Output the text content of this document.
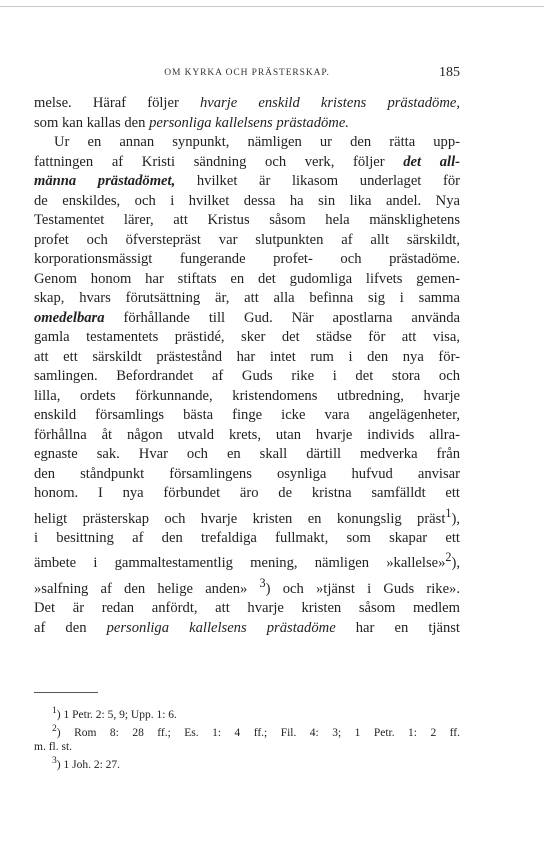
OM KYRKA OCH PRÄSTERSKAP.	185
melse. Häraf följer hvarje enskild kristens prästadöme,
som kan kallas den personliga kallelsens prästadöme.
Ur en annan synpunkt, nämligen ur den rätta upp-
fattningen af Kristi sändning och verk, följer det all-
männa prästadömet, hvilket är likasom underlaget för
de enskildes, och i hvilket dessa ha sin lika andel. Nya
Testamentet lärer, att Kristus såsom hela mänsklighetens
profet och öfverstepräst var slutpunkten af allt särskildt,
korporationsmässigt fungerande profet- och prästadöme.
Genom honom har stiftats en det gudomliga lifvets gemen-
skap, hvars förutsättning är, att alla befinna sig i samma
omedelbara förhållande till Gud. När apostlarna använda
gamla testamentets prästidé, sker det städse för att visa,
att ett särskildt prästestånd har intet rum i den nya för-
samlingen. Befordrandet af Guds rike i det stora och
lilla, ordets förkunnande, kristendomens utbredning, hvarje
enskild församlings bästa finge icke vara angelägenheter,
förhållna åt någon utvald krets, utan hvarje individs allra-
egnaste sak. Hvar och en skall därtill medverka från
den ståndpunkt församlingens osynliga hufvud anvisar
honom. I nya förbundet äro de kristna samfälldt ett
heligt prästerskap och hvarje kristen en konungslig präst$^1$),
i besittning af den trefaldiga fullmakt, som skapar ett
ämbete i gammaltestamentlig mening, nämligen »kallelse»$^2$),
»salfning af den helige anden» $^3$) och »tjänst i Guds rike».
Det är redan anfördt, att hvarje kristen såsom medlem
af den personliga kallelsens prästadöme har en tjänst
$^1$) 1 Petr. 2: 5, 9; Upp. 1: 6.
$^2$) Rom 8: 28 ff.; Es. 1: 4 ff.; Fil. 4: 3; 1 Petr. 1: 2 ff.
m. fl. st.
$^3$) 1 Joh. 2: 27.
